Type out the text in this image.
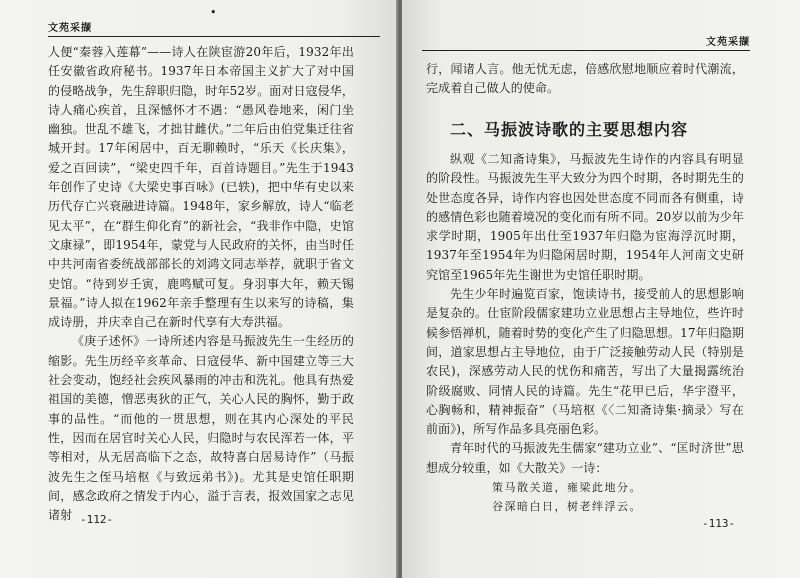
文苑采撷
•

人便“秦蓉入莲幕”——诗人在陕宦游20年后，1932年出任安徽省政府秘书。1937年日本帝国主义扩大了对中国的侵略战争，先生辞职归隐，时年52岁。面对日寇侵华，诗人痛心疾首，且深憾怀才不遇：“愚风卷地来，闲门坐幽独。世乱不雄飞，才拙甘雌伏。”二年后由伯党集迁往省城开封。17年闲居中，百无聊赖时，“乐天《长庆集》，爱之百回读”，“梁史四千年，百首诗题目。”先生于1943年创作了史诗《大梁史事百咏》(已轶)，把中华有史以来历代存亡兴衰融进诗篇。1948年，家乡解放，诗人“临老见太平”，在“群生仰化育”的新社会，“我非作中隐，史馆文康禄”，即1954年，蒙党与人民政府的关怀，由当时任中共河南省委统战部部长的刘鸿文同志举荐，就职于省文史馆。“待到岁壬寅，鹿鸣赋可复。身羽事大年，赖天锡景福。”诗人拟在1962年亲手整理有生以来写的诗稿，集成诗册，并庆幸自己在新时代享有大寿洪福。

《庚子述怀》一诗所述内容是马振波先生一生经历的缩影。先生历经辛亥革命、日寇侵华、新中国建立等三大社会变动，饱经社会疾风暴雨的冲击和洗礼。他具有热爱祖国的美德，憎恶夷狄的正气，关心人民的胸怀，勤于政事的品性。“而他的一贯思想，则在其内心深处的平民性，因而在居官时关心人民，归隐时与农民浑若一体，平等相对，从无居高临下之态，故特喜白居易诗作”（马振波先生之侄马培枢《与致远弟书》)。尤其是史馆任职期间，感念政府之情发于内心，溢于言表，报效国家之志见诸射 -112-
文苑采撷

行，闻诸人言。他无忧无虑，倍感欣慰地顺应着时代潮流，完成着自己做人的使命。

二、马振波诗歌的主要思想内容

纵观《二知斋诗集》，马振波先生诗作的内容具有明显的阶段性。马振波先生平大致分为四个时期，各时期先生的处世态度各异，诗作内容也因处世态度不同而各有侧重，诗的感情色彩也随着境况的变化而有所不同。20岁以前为少年求学时期，1905年出仕至1937年归隐为宦海浮沉时期，1937年至1954年为归隐闲居时期，1954年人河南文史研究馆至1965年先生谢世为史馆任职时期。

先生少年时遍览百家，饱读诗书，接受前人的思想影响是复杂的。仕宦阶段儒家建功立业思想占主导地位，些许时候参悟禅机，随着时势的变化产生了归隐思想。17年归隐期间，道家思想占主导地位，由于广泛接触劳动人民（特别是农民)，深感劳动人民的忧伤和痛苦，写出了大量揭露统治阶级腐败、同情人民的诗篇。先生“花甲已后，华宇澄平，心胸畅和，精神振奋”（马培枢《〈二知斋诗集·摘录〉写在前面》)，所写作品多具亮丽色彩。

青年时代的马振波先生儒家“建功立业”、“匡时济世”思想成分较重，如《大散关》一诗：

策马散关道，雍梁此地分。

谷深暗白日，树老绊浮云。

-113-
